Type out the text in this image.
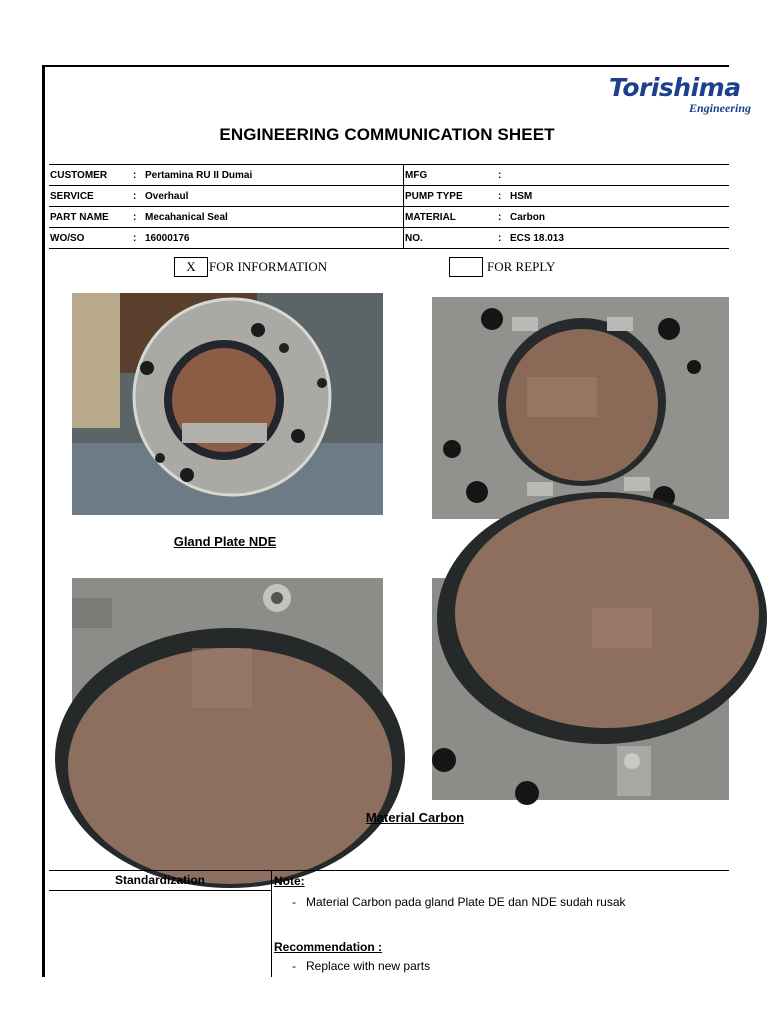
Torishima
Engineering
ENGINEERING COMMUNICATION SHEET
CUSTOMER	:	Pertamina RU II Dumai	MFG	:	
SERVICE	:	Overhaul	PUMP TYPE	:	HSM
PART NAME	:	Mecahanical Seal	MATERIAL	:	Carbon
WO/SO	:	16000176	NO.	:	ECS 18.013
X	FOR INFORMATION	FOR REPLY
Gland Plate NDE
Material Carbon
Standardization	Note:
- Material Carbon pada gland Plate DE dan NDE sudah rusak
Recommendation :
- Replace with new parts
